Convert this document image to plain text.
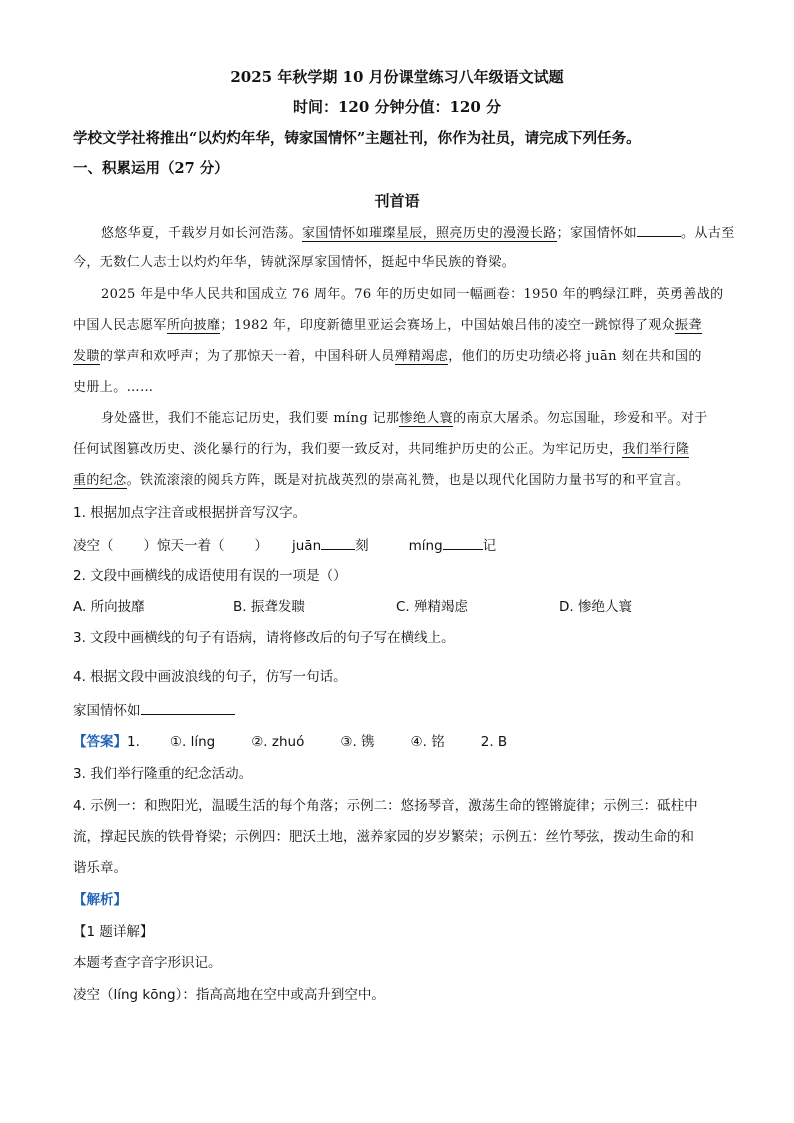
2025 年秋学期 10 月份课堂练习八年级语文试题
时间：120 分钟分值：120 分
学校文学社将推出“以灼灼年华，铸家国情怀”主题社刊，你作为社员，请完成下列任务。
一、积累运用（27 分）
刊首语
悠悠华夏，千载岁月如长河浩荡。家国情怀如璀璨星辰，照亮历史的漫漫长路；家国情怀如	。从古至
今，无数仁人志士以灼灼年华，铸就深厚家国情怀，挺起中华民族的脊梁。
2025 年是中华人民共和国成立 76 周年。76 年的历史如同一幅画卷：1950 年的鸭绿江畔，英勇善战的
中国人民志愿军所向披靡；1982 年，印度新德里亚运会赛场上，中国姑娘吕伟的凌空一跳惊得了观众振聋
发聩的掌声和欢呼声；为了那惊天一着，中国科研人员殚精竭虑，他们的历史功绩必将 juān 刻在共和国的
史册上。……
身处盛世，我们不能忘记历史，我们要 míng 记那惨绝人寰的南京大屠杀。勿忘国耻，珍爱和平。对于
任何试图篡改历史、淡化暴行的行为，我们要一致反对，共同维护历史的公正。为牢记历史，我们举行隆
重的纪念。铁流滚滚的阅兵方阵，既是对抗战英烈的崇高礼赞，也是以现代化国防力量书写的和平宣言。
1. 根据加点字注音或根据拼音写汉字。
凌空（ ）惊天一着（ ） juān	刻	míng	记
2. 文段中画横线的成语使用有误的一项是（）
A. 所向披靡	B. 振聋发聩	C. 殚精竭虑	D. 惨绝人寰
3. 文段中画横线的句子有语病，请将修改后的句子写在横线上。
4. 根据文段中画波浪线的句子，仿写一句话。
家国情怀如
【答案】1. ①. líng	②. zhuó	③. 镌	④. 铭	2. B
3. 我们举行隆重的纪念活动。
4. 示例一：和煦阳光，温暖生活的每个角落；示例二：悠扬琴音，激荡生命的铿锵旋律；示例三：砥柱中
流，撑起民族的铁骨脊梁；示例四：肥沃土地，滋养家园的岁岁繁荣；示例五：丝竹琴弦，拨动生命的和
谐乐章。
【解析】
【1 题详解】
本题考查字音字形识记。
凌空（líng kōng）：指高高地在空中或高升到空中。
